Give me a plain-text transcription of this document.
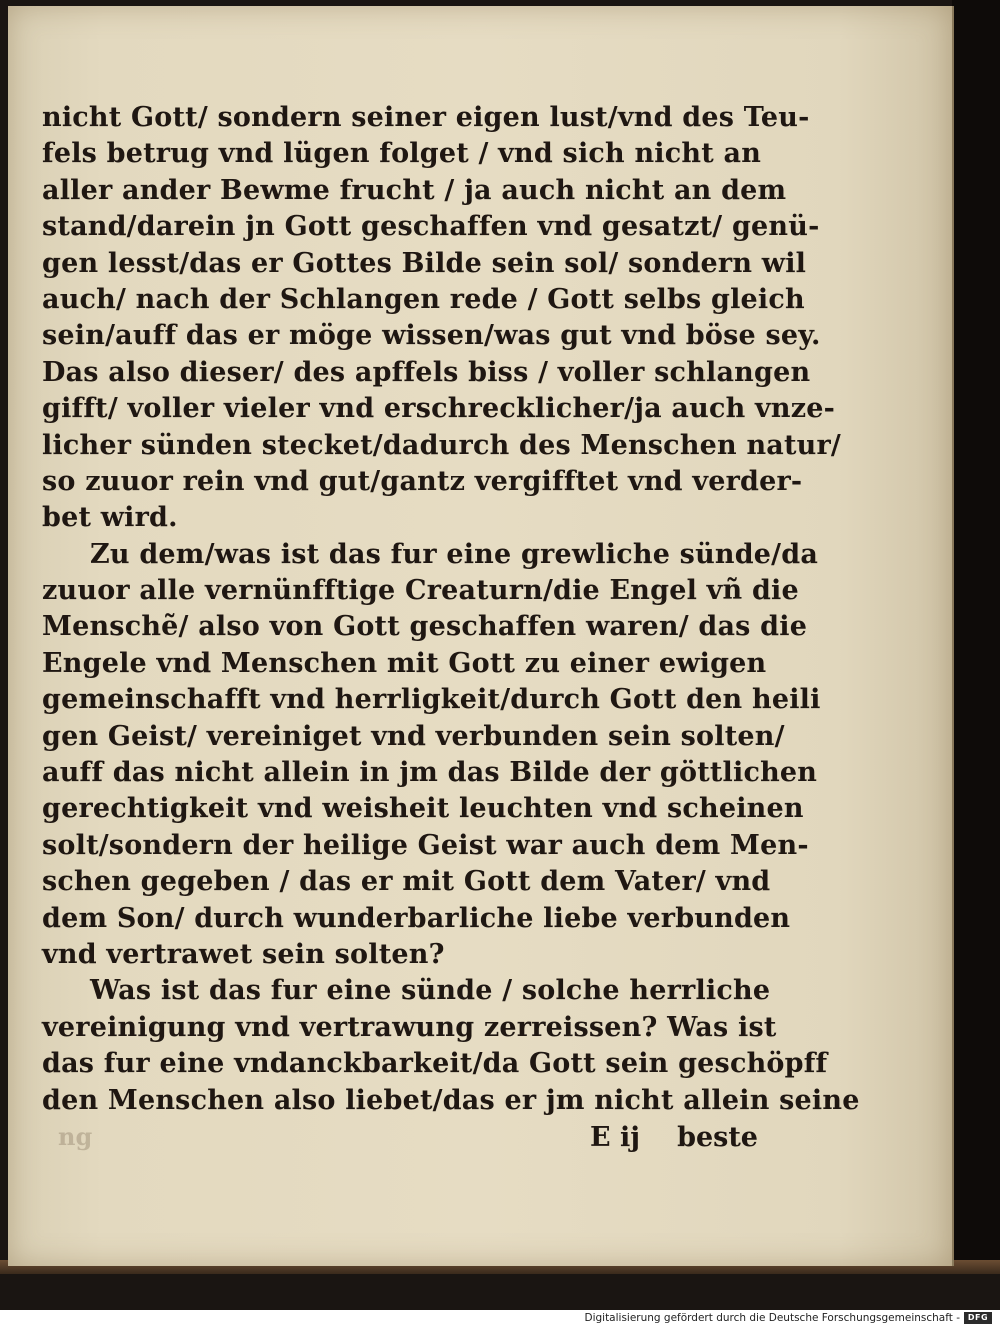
nicht Gott/ sondern seiner eigen lust/vnd des Teu-
fels betrug vnd lügen folget / vnd sich nicht an
aller ander Bewme frucht / ja auch nicht an dem
stand/darein jn Gott geschaffen vnd gesatzt/ genü-
gen lesst/das er Gottes Bilde sein sol/ sondern wil
auch/ nach der Schlangen rede / Gott selbs gleich
sein/auff das er möge wissen/was gut vnd böse sey.
Das also dieser/ des apffels biss / voller schlangen
gifft/ voller vieler vnd erschrecklicher/ja auch vnze-
licher sünden stecket/dadurch des Menschen natur/
so zuuor rein vnd gut/gantz vergifftet vnd verder-
bet wird.
Zu dem/was ist das fur eine grewliche sünde/da
zuuor alle vernünfftige Creaturn/die Engel vñ die
Menschẽ/ also von Gott geschaffen waren/ das die
Engele vnd Menschen mit Gott zu einer ewigen
gemeinschafft vnd herrligkeit/durch Gott den heili
gen Geist/ vereiniget vnd verbunden sein solten/
auff das nicht allein in jm das Bilde der göttlichen
gerechtigkeit vnd weisheit leuchten vnd scheinen
solt/sondern der heilige Geist war auch dem Men-
schen gegeben / das er mit Gott dem Vater/ vnd
dem Son/ durch wunderbarliche liebe verbunden
vnd vertrawet sein solten?
Was ist das fur eine sünde / solche herrliche
vereinigung vnd vertrawung zerreissen? Was ist
das fur eine vndanckbarkeit/da Gott sein geschöpff
den Menschen also liebet/das er jm nicht allein seine
ng	E ij beste
Digitalisierung gefördert durch die Deutsche Forschungsgemeinschaft - DFG
